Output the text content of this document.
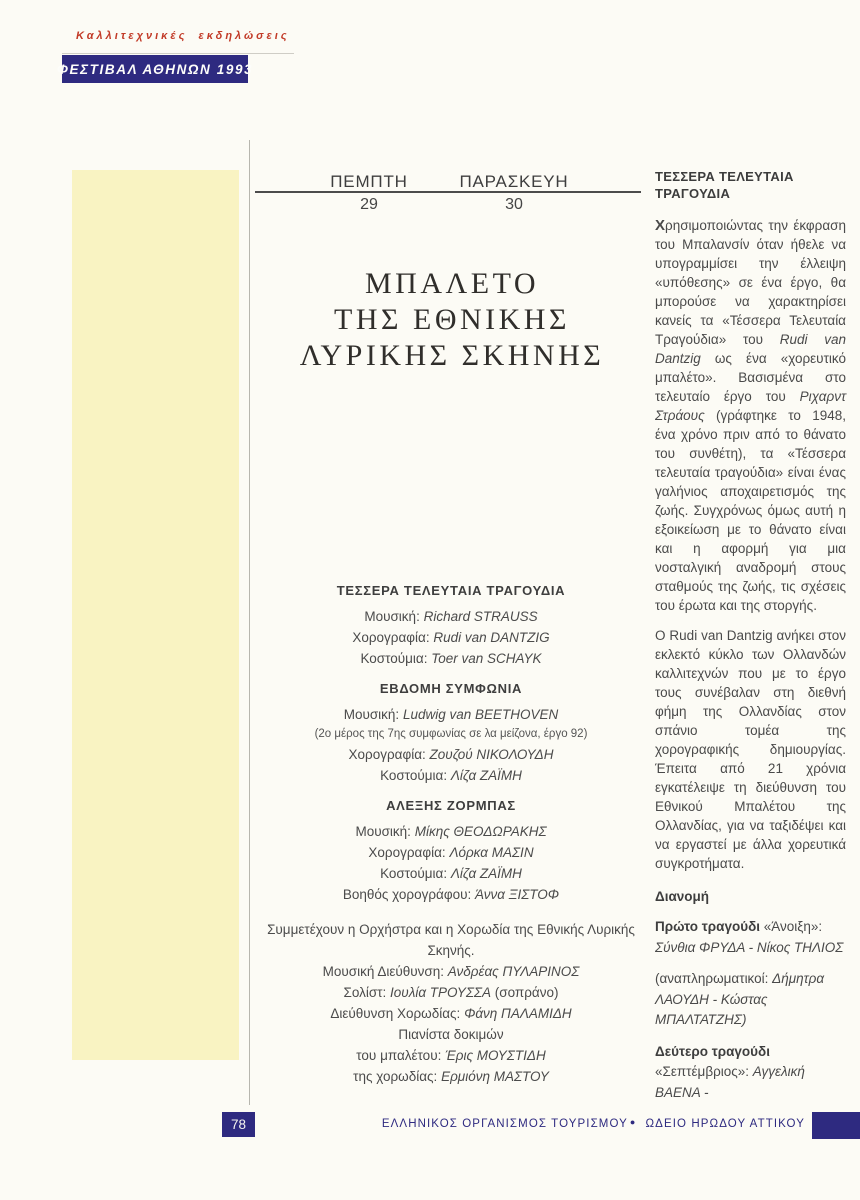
Καλλιτεχνικές εκδηλώσεις
ΦΕΣΤΙΒΑΛ ΑΘΗΝΩΝ 1993
ΠΕΜΠΤΗ	ΠΑΡΑΣΚΕΥΗ
29	30
ΜΠΑΛΕΤΟ
ΤΗΣ ΕΘΝΙΚΗΣ
ΛΥΡΙΚΗΣ ΣΚΗΝΗΣ
ΤΕΣΣΕΡΑ ΤΕΛΕΥΤΑΙΑ ΤΡΑΓΟΥΔΙΑ
Μουσική: Richard STRAUSS
Χορογραφία: Rudi van DANTZIG
Κοστούμια: Toer van SCHAYK
ΕΒΔΟΜΗ ΣΥΜΦΩΝΙΑ
Μουσική: Ludwig van BEETHOVEN
(2ο μέρος της 7ης συμφωνίας σε λα μείζονα, έργο 92)
Χορογραφία: Ζουζού ΝΙΚΟΛΟΥΔΗ
Κοστούμια: Λίζα ΖΑΪΜΗ
ΑΛΕΞΗΣ ΖΟΡΜΠΑΣ
Μουσική: Μίκης ΘΕΟΔΩΡΑΚΗΣ
Χορογραφία: Λόρκα ΜΑΣΙΝ
Κοστούμια: Λίζα ΖΑΪΜΗ
Βοηθός χορογράφου: Άννα ΞΙΣΤΟΦ
Συμμετέχουν η Ορχήστρα και η Χορωδία της Εθνικής Λυρικής Σκηνής.
Μουσική Διεύθυνση: Ανδρέας ΠΥΛΑΡΙΝΟΣ
Σολίστ: Ιουλία ΤΡΟΥΣΣΑ (σοπράνο)
Διεύθυνση Χορωδίας: Φάνη ΠΑΛΑΜΙΔΗ
Πιανίστα δοκιμών
του μπαλέτου: Έρις ΜΟΥΣΤΙΔΗ
της χορωδίας: Ερμιόνη ΜΑΣΤΟΥ
ΤΕΣΣΕΡΑ ΤΕΛΕΥΤΑΙΑ
ΤΡΑΓΟΥΔΙΑ

Χρησιμοποιώντας την έκφραση του Μπαλανσίν όταν ήθελε να υπογραμμίσει την έλλειψη «υπόθεσης» σε ένα έργο, θα μπορούσε να χαρακτηρίσει κανείς τα «Τέσσερα Τελευταία Τραγούδια» του Rudi van Dantzig ως ένα «χορευτικό μπαλέτο». Βασισμένα στο τελευταίο έργο του Ριχαρντ Στράους (γράφτηκε το 1948, ένα χρόνο πριν από το θάνατο του συνθέτη), τα «Τέσσερα τελευταία τραγούδια» είναι ένας γαλήνιος αποχαιρετισμός της ζωής. Συγχρόνως όμως αυτή η εξοικείωση με το θάνατο είναι και η αφορμή για μια νοσταλγική αναδρομή στους σταθμούς της ζωής, τις σχέσεις του έρωτα και της στοργής.

Ο Rudi van Dantzig ανήκει στον εκλεκτό κύκλο των Ολλανδών καλλιτεχνών που με το έργο τους συνέβαλαν στη διεθνή φήμη της Ολλανδίας στον σπάνιο τομέα της χορογραφικής δημιουργίας. Έπειτα από 21 χρόνια εγκατέλειψε τη διεύθυνση του Εθνικού Μπαλέτου της Ολλανδίας, για να ταξιδέψει και να εργαστεί με άλλα χορευτικά συγκροτήματα.

Διανομή

Πρώτο τραγούδι «Άνοιξη»: Σύνθια ΦΡΥΔΑ - Νίκος ΤΗΛΙΟΣ

(αναπληρωματικοί: Δήμητρα ΛΑΟΥΔΗ - Κώστας ΜΠΑΛΤΑΤΖΗΣ)

Δεύτερο τραγούδι «Σεπτέμβριος»: Αγγελική ΒΑΕΝΑ -

78	ΕΛΛΗΝΙΚΟΣ ΟΡΓΑΝΙΣΜΟΣ ΤΟΥΡΙΣΜΟΥ ● ΩΔΕΙΟ ΗΡΩΔΟΥ ΑΤΤΙΚΟΥ
